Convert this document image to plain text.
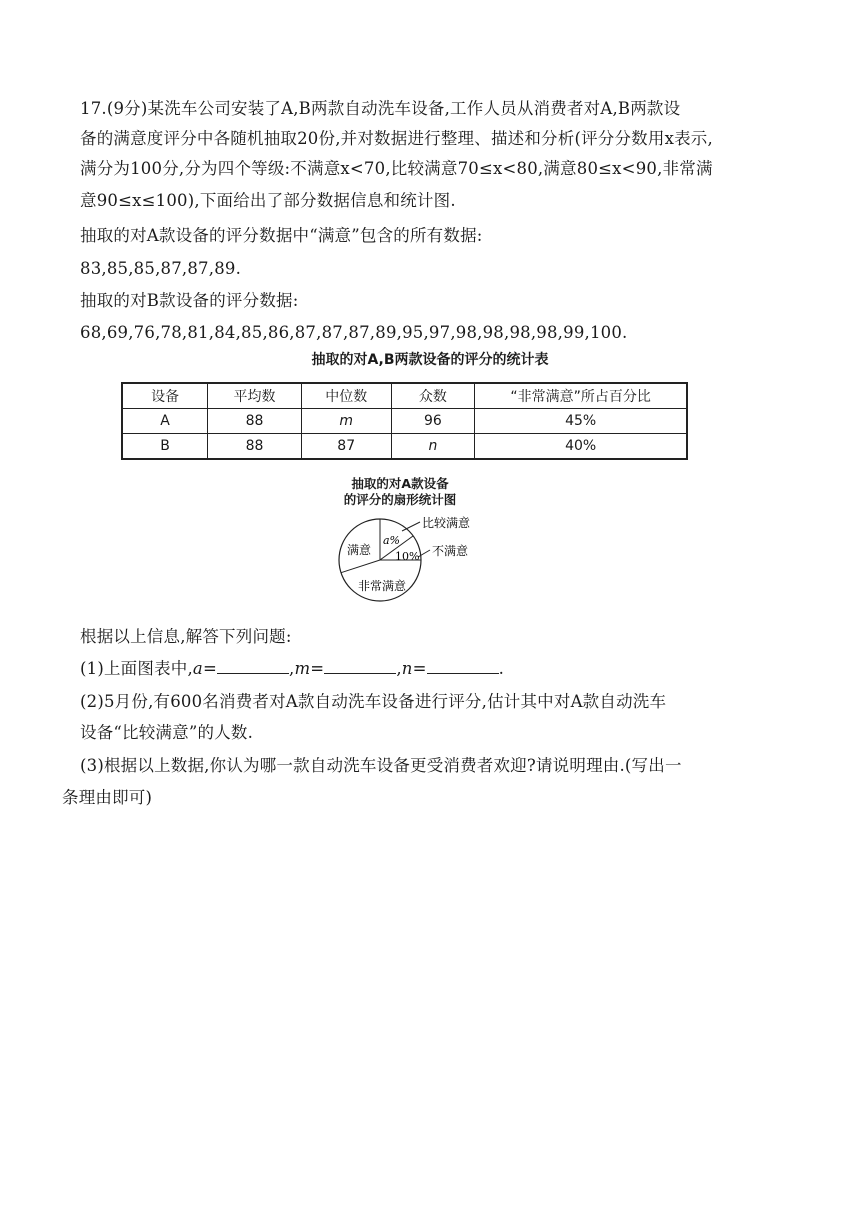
17.(9分)某洗车公司安装了A,B两款自动洗车设备,工作人员从消费者对A,B两款设
备的满意度评分中各随机抽取20份,并对数据进行整理、描述和分析(评分分数用x表示,
满分为100分,分为四个等级:不满意x<70,比较满意70≤x<80,满意80≤x<90,非常满
意90≤x≤100),下面给出了部分数据信息和统计图.
抽取的对A款设备的评分数据中“满意”包含的所有数据:
83,85,85,87,87,89.
抽取的对B款设备的评分数据:
68,69,76,78,81,84,85,86,87,87,87,89,95,97,98,98,98,98,99,100.
抽取的对A,B两款设备的评分的统计表
设备	平均数	中位数	众数	“非常满意”所占百分比
A	88	m	96	45%
B	88	87	n	40%
抽取的对A款设备
的评分的扇形统计图
比较满意
不满意
满意
非常满意
a%
10%
根据以上信息,解答下列问题:
(1)上面图表中,a=	,m=	,n=	.
(2)5月份,有600名消费者对A款自动洗车设备进行评分,估计其中对A款自动洗车
设备“比较满意”的人数.
(3)根据以上数据,你认为哪一款自动洗车设备更受消费者欢迎?请说明理由.(写出一
条理由即可)
